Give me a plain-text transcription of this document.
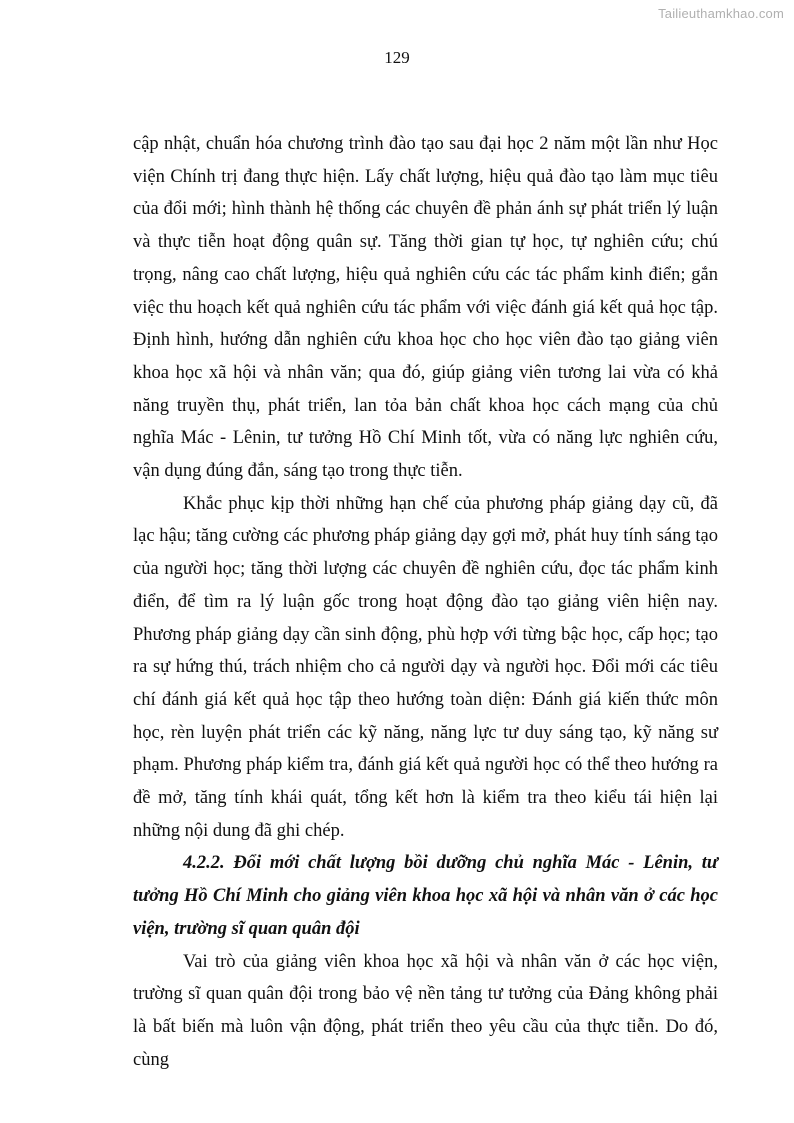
Tailieuthamkhao.com
129

cập nhật, chuẩn hóa chương trình đào tạo sau đại học 2 năm một lần như Học viện Chính trị đang thực hiện. Lấy chất lượng, hiệu quả đào tạo làm mục tiêu của đổi mới; hình thành hệ thống các chuyên đề phản ánh sự phát triển lý luận và thực tiễn hoạt động quân sự. Tăng thời gian tự học, tự nghiên cứu; chú trọng, nâng cao chất lượng, hiệu quả nghiên cứu các tác phẩm kinh điển; gắn việc thu hoạch kết quả nghiên cứu tác phẩm với việc đánh giá kết quả học tập. Định hình, hướng dẫn nghiên cứu khoa học cho học viên đào tạo giảng viên khoa học xã hội và nhân văn; qua đó, giúp giảng viên tương lai vừa có khả năng truyền thụ, phát triển, lan tỏa bản chất khoa học cách mạng của chủ nghĩa Mác - Lênin, tư tưởng Hồ Chí Minh tốt, vừa có năng lực nghiên cứu, vận dụng đúng đắn, sáng tạo trong thực tiễn.

Khắc phục kịp thời những hạn chế của phương pháp giảng dạy cũ, đã lạc hậu; tăng cường các phương pháp giảng dạy gợi mở, phát huy tính sáng tạo của người học; tăng thời lượng các chuyên đề nghiên cứu, đọc tác phẩm kinh điển, để tìm ra lý luận gốc trong hoạt động đào tạo giảng viên hiện nay. Phương pháp giảng dạy cần sinh động, phù hợp với từng bậc học, cấp học; tạo ra sự hứng thú, trách nhiệm cho cả người dạy và người học. Đổi mới các tiêu chí đánh giá kết quả học tập theo hướng toàn diện: Đánh giá kiến thức môn học, rèn luyện phát triển các kỹ năng, năng lực tư duy sáng tạo, kỹ năng sư phạm. Phương pháp kiểm tra, đánh giá kết quả người học có thể theo hướng ra đề mở, tăng tính khái quát, tổng kết hơn là kiểm tra theo kiểu tái hiện lại những nội dung đã ghi chép.

4.2.2. Đổi mới chất lượng bồi dưỡng chủ nghĩa Mác - Lênin, tư tưởng Hồ Chí Minh cho giảng viên khoa học xã hội và nhân văn ở các học viện, trường sĩ quan quân đội

Vai trò của giảng viên khoa học xã hội và nhân văn ở các học viện, trường sĩ quan quân đội trong bảo vệ nền tảng tư tưởng của Đảng không phải là bất biến mà luôn vận động, phát triển theo yêu cầu của thực tiễn. Do đó, cùng
